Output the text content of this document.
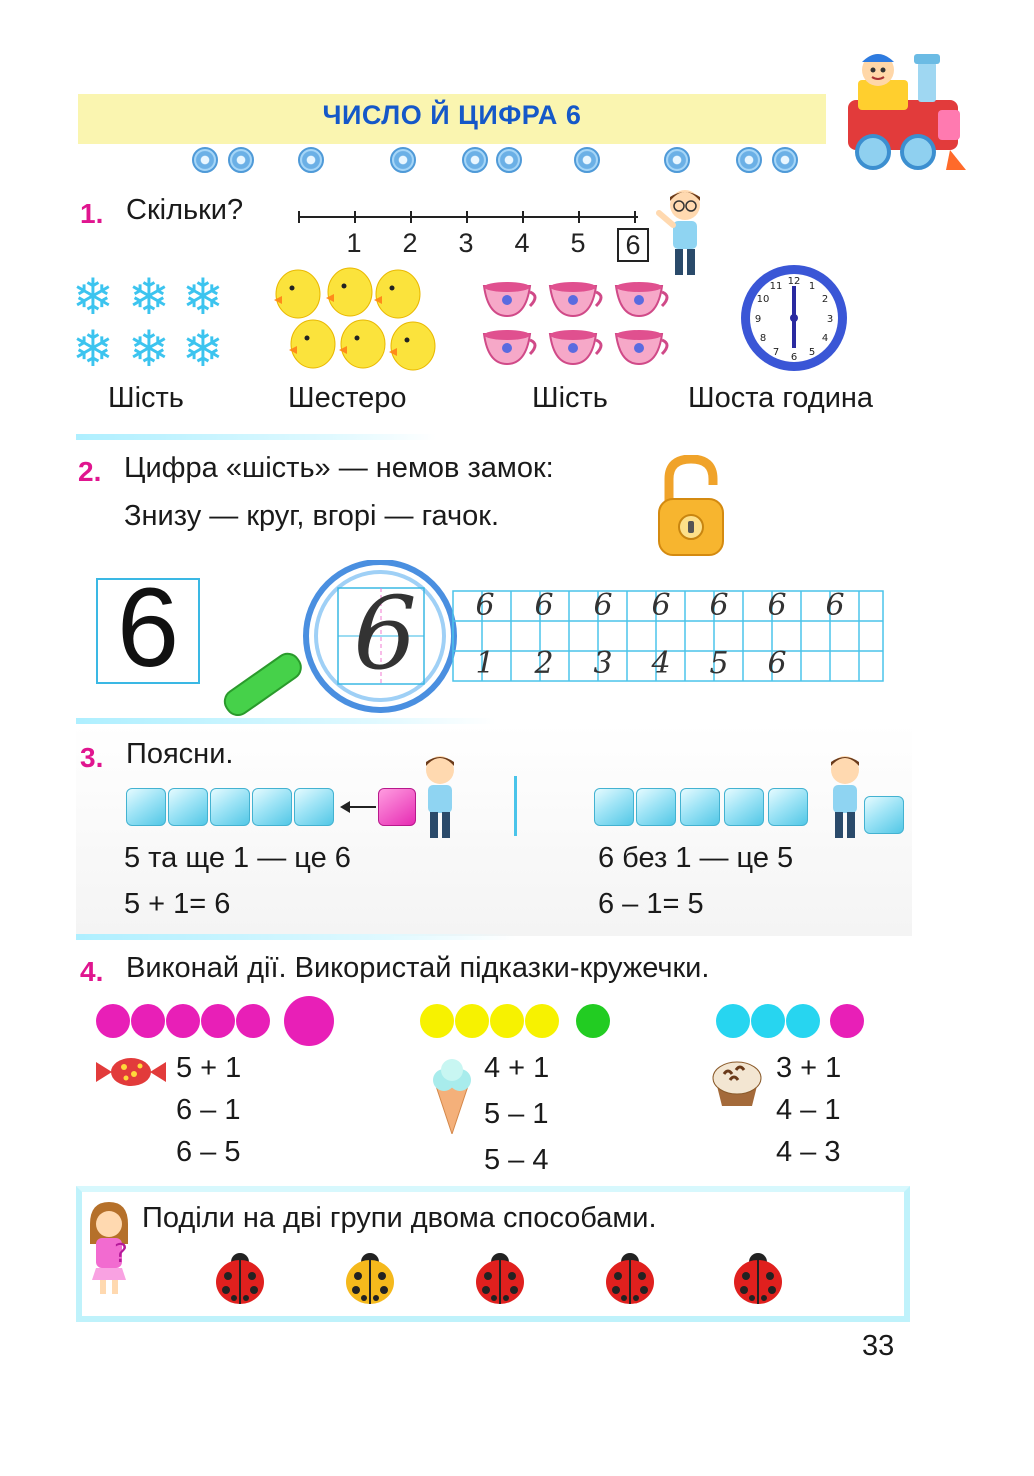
ЧИСЛО Й ЦИФРА 6
1. Скільки?
1 2 3 4 5	6
❄ ❄ ❄
❄ ❄ ❄
12 1
2
3
4
5
6
7
8
9
10
11
Шість	Шестеро	Шість	Шоста година
2. Цифра «шість» — немов замок:
Знизу — круг, вгорі — гачок.
6 6	6 6 6 6 6 6 6
1 2 3 4 5 6
3. Поясни.
5 та ще 1 — це 6
5 + 1= 6
6 без 1 — це 5
6 – 1= 5
4. Виконай дії. Використай підказки-кружечки.
5 + 1
6 – 1
6 – 5
4 + 1
5 – 1
5 – 4
3 + 1
4 – 1
4 – 3
?
Поділи на дві групи двома способами.
33
